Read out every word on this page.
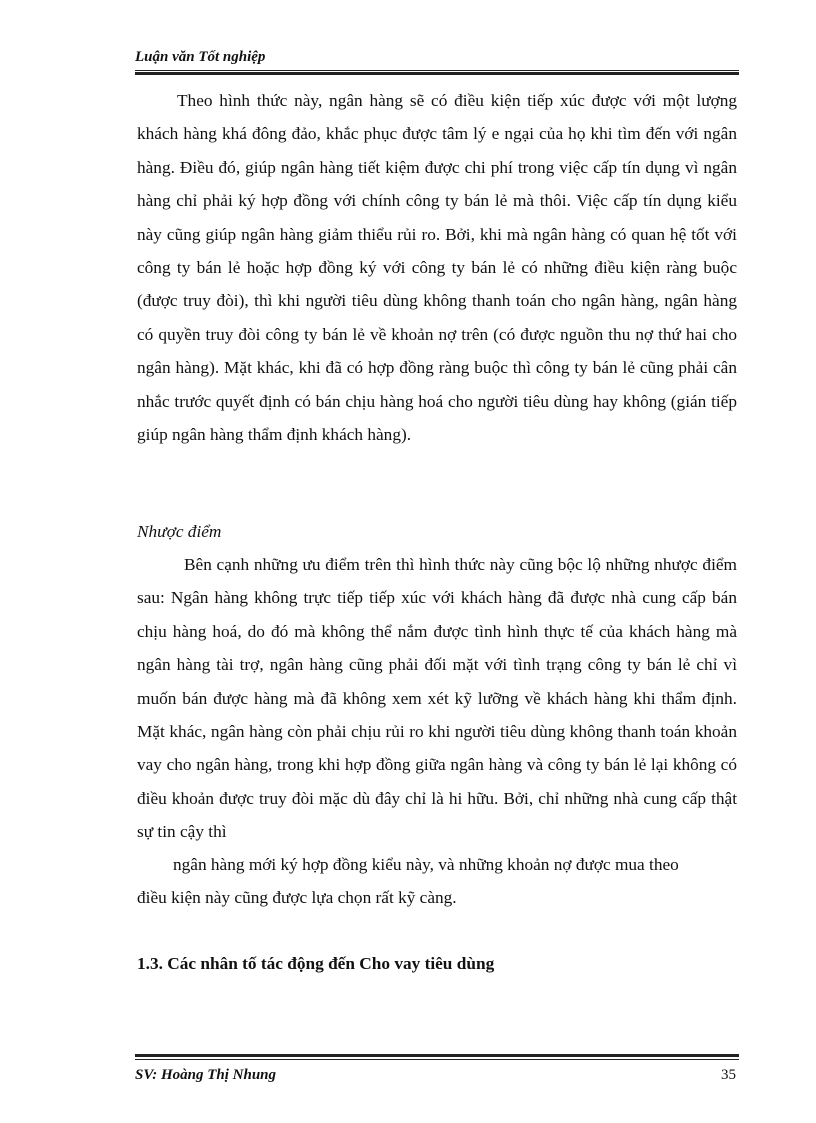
Luận văn Tốt nghiệp

Theo hình thức này, ngân hàng sẽ có điều kiện tiếp xúc được với một lượng khách hàng khá đông đảo, khắc phục được tâm lý e ngại của họ khi tìm đến với ngân hàng. Điều đó, giúp ngân hàng tiết kiệm được chi phí trong việc cấp tín dụng vì ngân hàng chỉ phải ký hợp đồng với chính công ty bán lẻ mà thôi. Việc cấp tín dụng kiểu này cũng giúp ngân hàng giảm thiểu rủi ro. Bởi, khi mà ngân hàng có quan hệ tốt với công ty bán lẻ hoặc hợp đồng ký với công ty bán lẻ có những điều kiện ràng buộc (được truy đòi), thì khi người tiêu dùng không thanh toán cho ngân hàng, ngân hàng có quyền truy đòi công ty bán lẻ về khoản nợ trên (có được nguồn thu nợ thứ hai cho ngân hàng). Mặt khác, khi đã có hợp đồng ràng buộc thì công ty bán lẻ cũng phải cân nhắc trước quyết định có bán chịu hàng hoá cho người tiêu dùng hay không (gián tiếp giúp ngân hàng thẩm định khách hàng).

Nhược điểm

Bên cạnh những ưu điểm trên thì hình thức này cũng bộc lộ những nhược điểm sau: Ngân hàng không trực tiếp tiếp xúc với khách hàng đã được nhà cung cấp bán chịu hàng hoá, do đó mà không thể nắm được tình hình thực tế của khách hàng mà ngân hàng tài trợ, ngân hàng cũng phải đối mặt với tình trạng công ty bán lẻ chỉ vì muốn bán được hàng mà đã không xem xét kỹ lưỡng về khách hàng khi thẩm định. Mặt khác, ngân hàng còn phải chịu rủi ro khi người tiêu dùng không thanh toán khoản vay cho ngân hàng, trong khi hợp đồng giữa ngân hàng và công ty bán lẻ lại không có điều khoản được truy đòi mặc dù đây chỉ là hi hữu. Bởi, chỉ những nhà cung cấp thật sự tin cậy thì

ngân hàng mới ký hợp đồng kiểu này, và những khoản nợ được mua theo
điều kiện này cũng được lựa chọn rất kỹ càng.
1.3. Các nhân tố tác động đến Cho vay tiêu dùng
SV: Hoàng Thị Nhung	35
